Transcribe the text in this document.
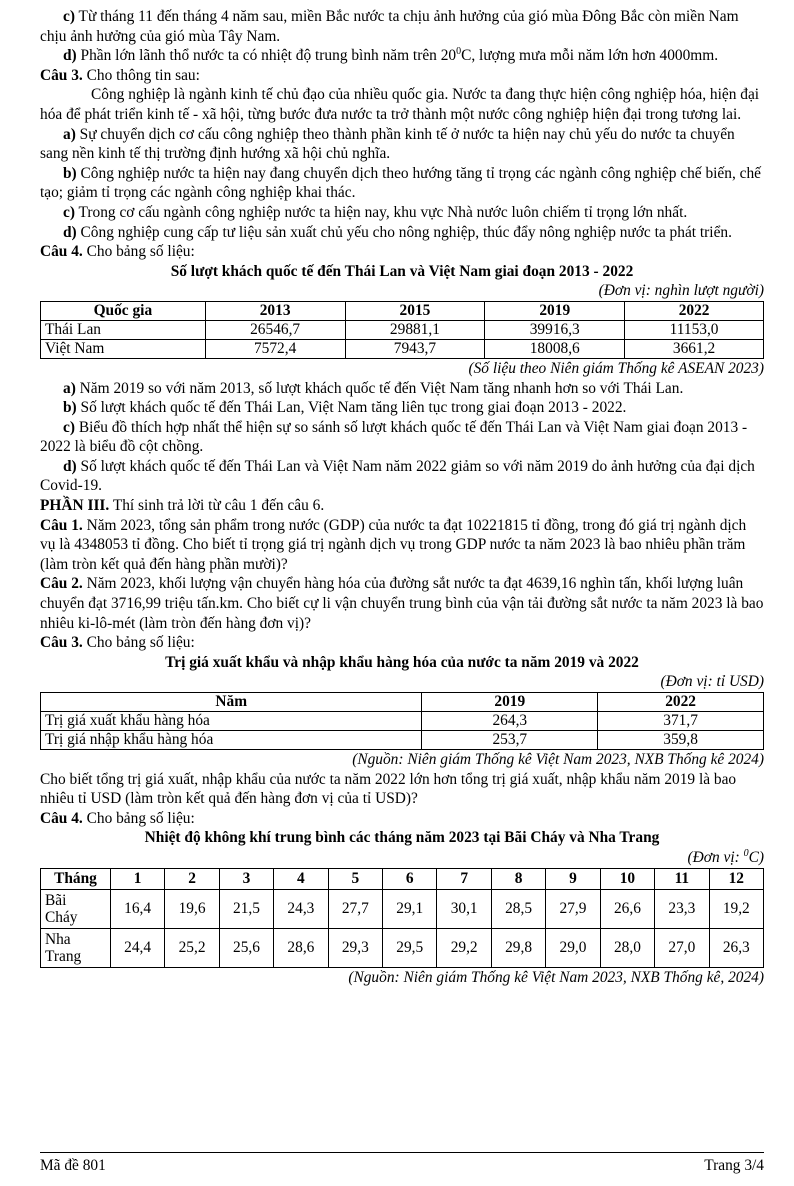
c) Từ tháng 11 đến tháng 4 năm sau, miền Bắc nước ta chịu ảnh hưởng của gió mùa Đông Bắc còn miền Nam chịu ảnh hưởng của gió mùa Tây Nam.

d) Phần lớn lãnh thổ nước ta có nhiệt độ trung bình năm trên $20^0C$, lượng mưa mỗi năm lớn hơn 4000mm.

Câu 3. Cho thông tin sau:

Công nghiệp là ngành kinh tế chủ đạo của nhiều quốc gia. Nước ta đang thực hiện công nghiệp hóa, hiện đại hóa để phát triển kinh tế - xã hội, từng bước đưa nước ta trở thành một nước công nghiệp hiện đại trong tương lai.

a) Sự chuyển dịch cơ cấu công nghiệp theo thành phần kinh tế ở nước ta hiện nay chủ yếu do nước ta chuyển sang nền kinh tế thị trường định hướng xã hội chủ nghĩa.

b) Công nghiệp nước ta hiện nay đang chuyển dịch theo hướng tăng tỉ trọng các ngành công nghiệp chế biến, chế tạo; giảm tỉ trọng các ngành công nghiệp khai thác.

c) Trong cơ cấu ngành công nghiệp nước ta hiện nay, khu vực Nhà nước luôn chiếm tỉ trọng lớn nhất.

d) Công nghiệp cung cấp tư liệu sản xuất chủ yếu cho nông nghiệp, thúc đẩy nông nghiệp nước ta phát triển.

Câu 4. Cho bảng số liệu:

Số lượt khách quốc tế đến Thái Lan và Việt Nam giai đoạn 2013 - 2022

(Đơn vị: nghìn lượt người)

Quốc gia	2013	2015	2019	2022
Thái Lan	26546,7	29881,1	39916,3	11153,0
Việt Nam	7572,4	7943,7	18008,6	3661,2

(Số liệu theo Niên giám Thống kê ASEAN 2023)

a) Năm 2019 so với năm 2013, số lượt khách quốc tế đến Việt Nam tăng nhanh hơn so với Thái Lan.

b) Số lượt khách quốc tế đến Thái Lan, Việt Nam tăng liên tục trong giai đoạn 2013 - 2022.

c) Biểu đồ thích hợp nhất thể hiện sự so sánh số lượt khách quốc tế đến Thái Lan và Việt Nam giai đoạn 2013 - 2022 là biểu đồ cột chồng.

d) Số lượt khách quốc tế đến Thái Lan và Việt Nam năm 2022 giảm so với năm 2019 do ảnh hưởng của đại dịch Covid-19.

PHẦN III. Thí sinh trả lời từ câu 1 đến câu 6.

Câu 1. Năm 2023, tổng sản phẩm trong nước (GDP) của nước ta đạt 10221815 tỉ đồng, trong đó giá trị ngành dịch vụ là 4348053 tỉ đồng. Cho biết tỉ trọng giá trị ngành dịch vụ trong GDP nước ta năm 2023 là bao nhiêu phần trăm (làm tròn kết quả đến hàng phần mười)?

Câu 2. Năm 2023, khối lượng vận chuyển hàng hóa của đường sắt nước ta đạt 4639,16 nghìn tấn, khối lượng luân chuyển đạt 3716,99 triệu tấn.km. Cho biết cự li vận chuyển trung bình của vận tải đường sắt nước ta năm 2023 là bao nhiêu ki-lô-mét (làm tròn đến hàng đơn vị)?

Câu 3. Cho bảng số liệu:

Trị giá xuất khẩu và nhập khẩu hàng hóa của nước ta năm 2019 và 2022

(Đơn vị: tỉ USD)

Năm	2019	2022
Trị giá xuất khẩu hàng hóa	264,3	371,7
Trị giá nhập khẩu hàng hóa	253,7	359,8

(Nguồn: Niên giám Thống kê Việt Nam 2023, NXB Thống kê 2024)

Cho biết tổng trị giá xuất, nhập khẩu của nước ta năm 2022 lớn hơn tổng trị giá xuất, nhập khẩu năm 2019 là bao nhiêu tỉ USD (làm tròn kết quả đến hàng đơn vị của tỉ USD)?

Câu 4. Cho bảng số liệu:

Nhiệt độ không khí trung bình các tháng năm 2023 tại Bãi Cháy và Nha Trang

(Đơn vị: $^0$C)

Tháng	1	2	3	4	5	6	7	8	9	10	11	12

Bãi
Cháy	16,4	19,6	21,5	24,3	27,7	29,1	30,1	28,5	27,9	26,6	23,3	19,2

Nha
Trang	24,4	25,2	25,6	28,6	29,3	29,5	29,2	29,8	29,0	28,0	27,0	26,3

(Nguồn: Niên giám Thống kê Việt Nam 2023, NXB Thống kê, 2024)

Mã đề 801	Trang 3/4
